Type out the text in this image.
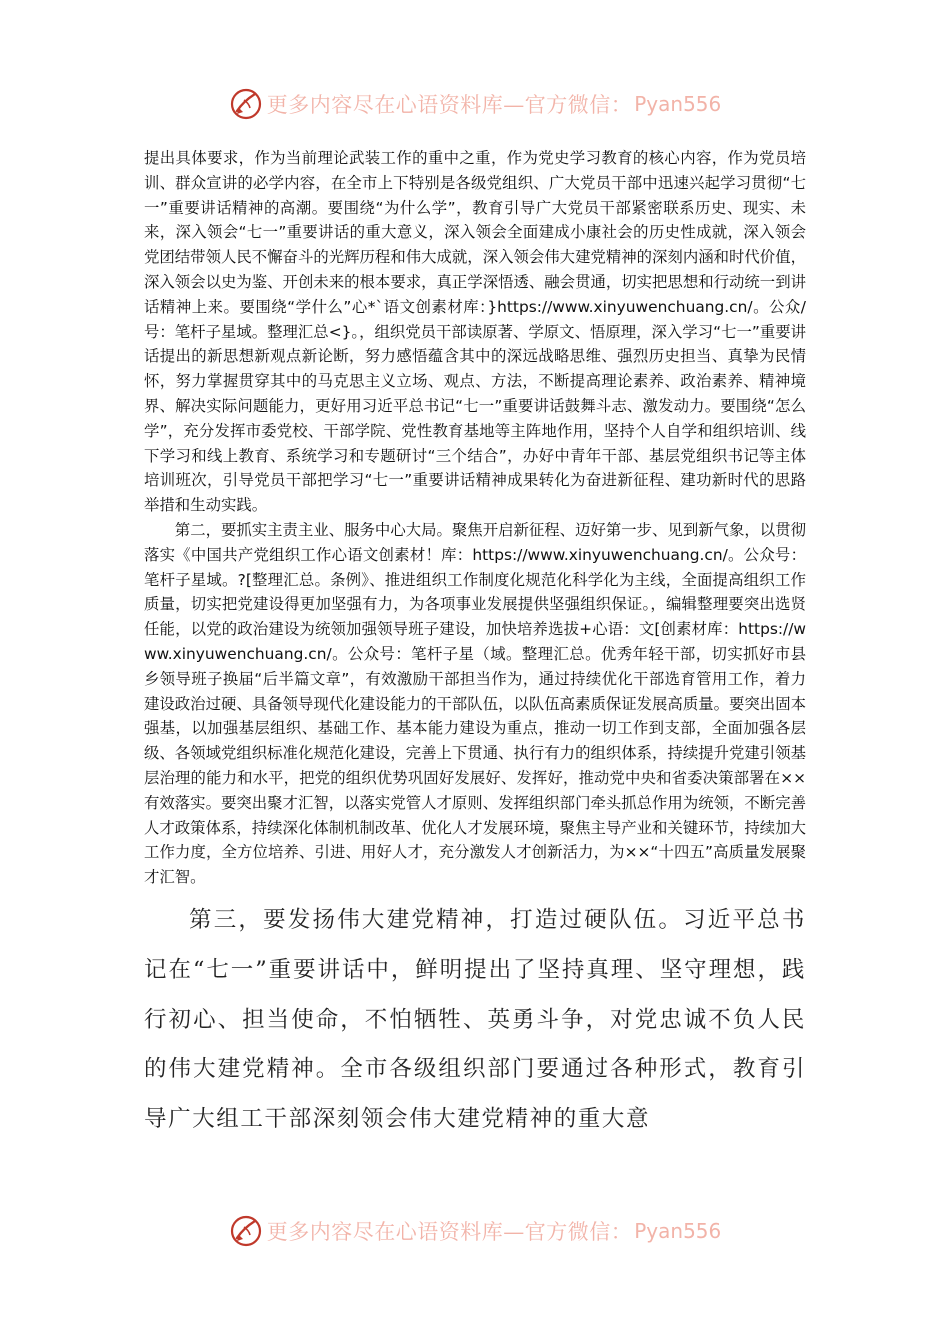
更多内容尽在心语资料库—官方微信： Pyan556

提出具体要求，作为当前理论武装工作的重中之重，作为党史学习教育的核心内容，作为党员培训、群众宣讲的必学内容，在全市上下特别是各级党组织、广大党员干部中迅速兴起学习贯彻“七一”重要讲话精神的高潮。要围绕“为什么学”，教育引导广大党员干部紧密联系历史、现实、未来，深入领会“七一”重要讲话的重大意义，深入领会全面建成小康社会的历史性成就，深入领会党团结带领人民不懈奋斗的光辉历程和伟大成就，深入领会伟大建党精神的深刻内涵和时代价值，深入领会以史为鉴、开创未来的根本要求，真正学深悟透、融会贯通，切实把思想和行动统一到讲话精神上来。要围绕“学什么”心*`语文创素材库：}https://www.xinyuwenchuang.cn/。公众/号：笔杆子星域。整理汇总<}。，组织党员干部读原著、学原文、悟原理，深入学习“七一”重要讲话提出的新思想新观点新论断，努力感悟蕴含其中的深远战略思维、强烈历史担当、真挚为民情怀，努力掌握贯穿其中的马克思主义立场、观点、方法，不断提高理论素养、政治素养、精神境界、解决实际问题能力，更好用习近平总书记“七一”重要讲话鼓舞斗志、激发动力。要围绕“怎么学”，充分发挥市委党校、干部学院、党性教育基地等主阵地作用，坚持个人自学和组织培训、线下学习和线上教育、系统学习和专题研讨“三个结合”，办好中青年干部、基层党组织书记等主体培训班次，引导党员干部把学习“七一”重要讲话精神成果转化为奋进新征程、建功新时代的思路举措和生动实践。

第二，要抓实主责主业、服务中心大局。聚焦开启新征程、迈好第一步、见到新气象，以贯彻落实《中国共产党组织工作心语文创素材！库：https://www.xinyuwenchuang.cn/。公众号：笔杆子星域。?[整理汇总。条例》、推进组织工作制度化规范化科学化为主线，全面提高组织工作质量，切实把党建设得更加坚强有力，为各项事业发展提供坚强组织保证。，编辑整理要突出选贤任能，以党的政治建设为统领加强领导班子建设，加快培养选拔+心语：文[创素材库：https://www.xinyuwenchuang.cn/。公众号：笔杆子星（域。整理汇总。优秀年轻干部，切实抓好市县乡领导班子换届“后半篇文章”，有效激励干部担当作为，通过持续优化干部选育管用工作，着力建设政治过硬、具备领导现代化建设能力的干部队伍，以队伍高素质保证发展高质量。要突出固本强基，以加强基层组织、基础工作、基本能力建设为重点，推动一切工作到支部，全面加强各层级、各领域党组织标准化规范化建设，完善上下贯通、执行有力的组织体系，持续提升党建引领基层治理的能力和水平，把党的组织优势巩固好发展好、发挥好，推动党中央和省委决策部署在××有效落实。要突出聚才汇智，以落实党管人才原则、发挥组织部门牵头抓总作用为统领，不断完善人才政策体系，持续深化体制机制改革、优化人才发展环境，聚焦主导产业和关键环节，持续加大工作力度，全方位培养、引进、用好人才，充分激发人才创新活力，为××“十四五”高质量发展聚才汇智。

第三，要发扬伟大建党精神，打造过硬队伍。习近平总书记在“七一”重要讲话中，鲜明提出了坚持真理、坚守理想，践行初心、担当使命，不怕牺牲、英勇斗争，对党忠诚不负人民的伟大建党精神。全市各级组织部门要通过各种形式，教育引导广大组工干部深刻领会伟大建党精神的重大意

更多内容尽在心语资料库—官方微信： Pyan556
